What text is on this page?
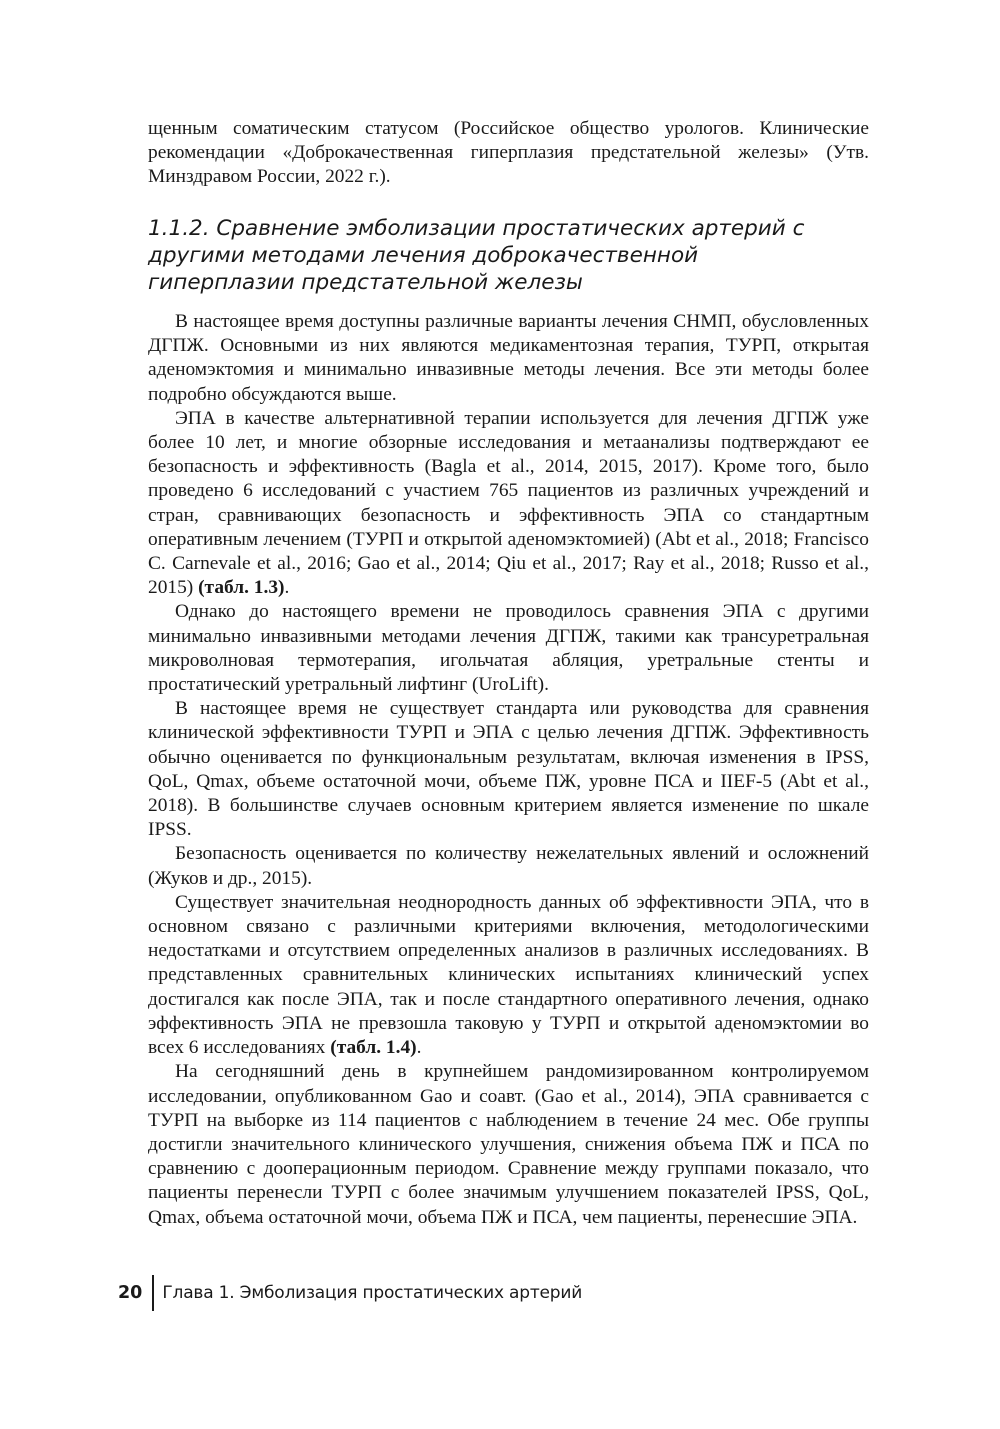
щенным соматическим статусом (Российское общество урологов. Клинические рекомендации «Доброкачественная гиперплазия предстательной железы» (Утв. Минздравом России, 2022 г.).

1.1.2. Сравнение эмболизации простатических артерий с другими методами лечения доброкачественной гиперплазии предстательной железы

В настоящее время доступны различные варианты лечения СНМП, обусловленных ДГПЖ. Основными из них являются медикаментозная терапия, ТУРП, открытая аденомэктомия и минимально инвазивные методы лечения. Все эти методы более подробно обсуждаются выше.

ЭПА в качестве альтернативной терапии используется для лечения ДГПЖ уже более 10 лет, и многие обзорные исследования и метаанализы подтверждают ее безопасность и эффективность (Bagla et al., 2014, 2015, 2017). Кроме того, было проведено 6 исследований с участием 765 пациентов из различных учреждений и стран, сравнивающих безопасность и эффективность ЭПА со стандартным оперативным лечением (ТУРП и открытой аденомэктомией) (Abt et al., 2018; Francisco C. Carnevale et al., 2016; Gao et al., 2014; Qiu et al., 2017; Ray et al., 2018; Russo et al., 2015) (табл. 1.3).

Однако до настоящего времени не проводилось сравнения ЭПА с другими минимально инвазивными методами лечения ДГПЖ, такими как трансуретральная микроволновая термотерапия, игольчатая абляция, уретральные стенты и простатический уретральный лифтинг (UroLift).

В настоящее время не существует стандарта или руководства для сравнения клинической эффективности ТУРП и ЭПА с целью лечения ДГПЖ. Эффективность обычно оценивается по функциональным результатам, включая изменения в IPSS, QoL, Qmax, объеме остаточной мочи, объеме ПЖ, уровне ПСА и IIEF-5 (Abt et al., 2018). В большинстве случаев основным критерием является изменение по шкале IPSS.

Безопасность оценивается по количеству нежелательных явлений и осложнений (Жуков и др., 2015).

Существует значительная неоднородность данных об эффективности ЭПА, что в основном связано с различными критериями включения, методологическими недостатками и отсутствием определенных анализов в различных исследованиях. В представленных сравнительных клинических испытаниях клинический успех достигался как после ЭПА, так и после стандартного оперативного лечения, однако эффективность ЭПА не превзошла таковую у ТУРП и открытой аденомэктомии во всех 6 исследованиях (табл. 1.4).

На сегодняшний день в крупнейшем рандомизированном контролируемом исследовании, опубликованном Gao и соавт. (Gao et al., 2014), ЭПА сравнивается с ТУРП на выборке из 114 пациентов с наблюдением в течение 24 мес. Обе группы достигли значительного клинического улучшения, снижения объема ПЖ и ПСА по сравнению с дооперационным периодом. Сравнение между группами показало, что пациенты перенесли ТУРП с более значимым улучшением показателей IPSS, QoL, Qmax, объема остаточной мочи, объема ПЖ и ПСА, чем пациенты, перенесшие ЭПА.

20	Глава 1. Эмболизация простатических артерий
